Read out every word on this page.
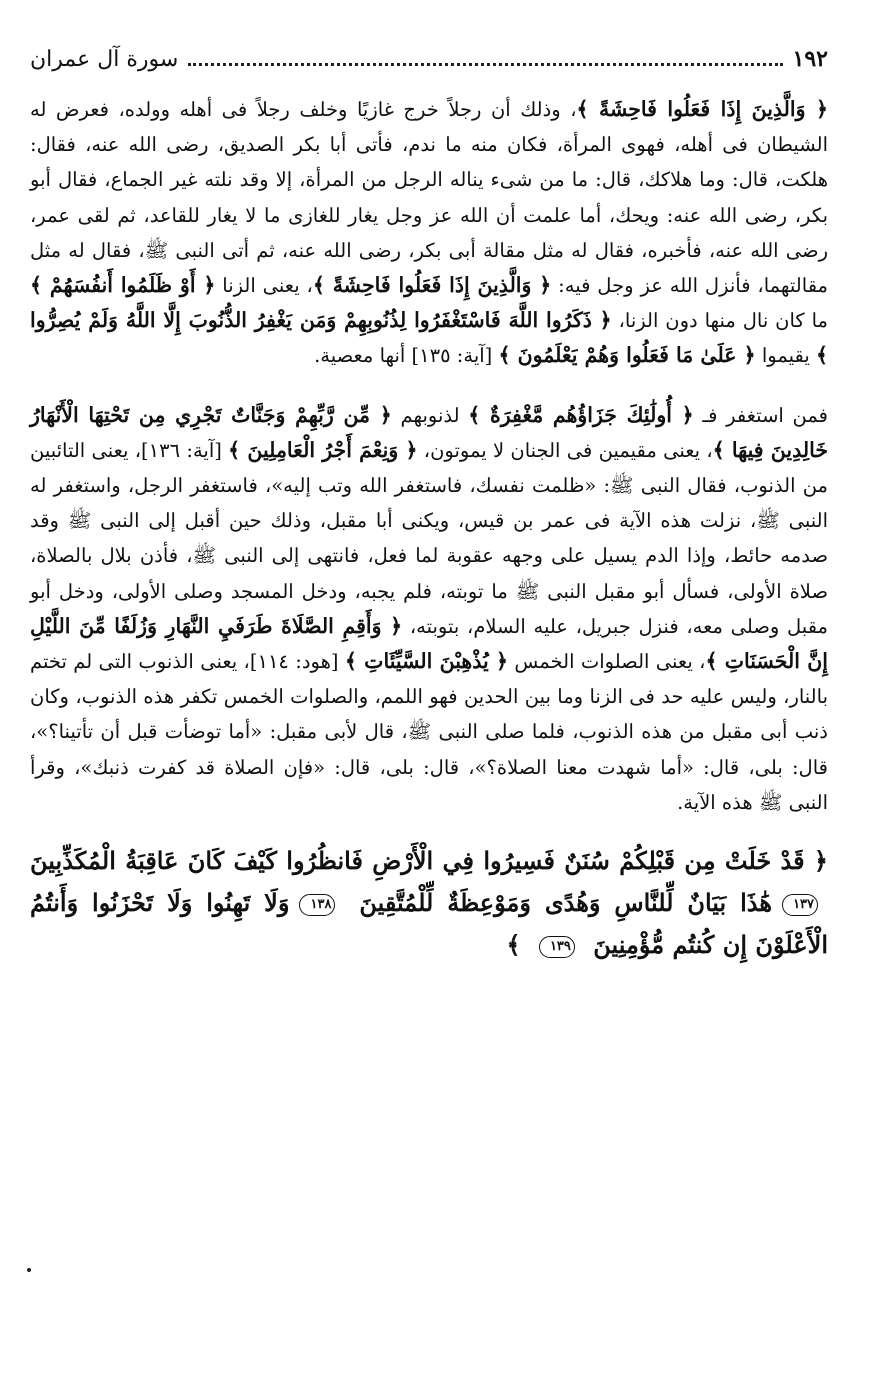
١٩٢
سورة آل عمران

﴿ وَالَّذِينَ إِذَا فَعَلُوا فَاحِشَةً ﴾، وذلك أن رجلاً خرج غازيًا وخلف رجلاً فى أهله وولده، فعرض له الشيطان فى أهله، فهوى المرأة، فكان منه ما ندم، فأتى أبا بكر الصديق، رضى الله عنه، فقال: هلكت، قال: وما هلاكك، قال: ما من شىء يناله الرجل من المرأة، إلا وقد نلته غير الجماع، فقال أبو بكر، رضى الله عنه: ويحك، أما علمت أن الله عز وجل يغار للغازى ما لا يغار للقاعد، ثم لقى عمر، رضى الله عنه، فأخبره، فقال له مثل مقالة أبى بكر، رضى الله عنه، ثم أتى النبى ﷺ، فقال له مثل مقالتهما، فأنزل الله عز وجل فيه: ﴿ وَالَّذِينَ إِذَا فَعَلُوا فَاحِشَةً ﴾، يعنى الزنا ﴿ أَوْ ظَلَمُوا أَنفُسَهُمْ ﴾ ما كان نال منها دون الزنا، ﴿ ذَكَرُوا اللَّهَ فَاسْتَغْفَرُوا لِذُنُوبِهِمْ وَمَن يَغْفِرُ الذُّنُوبَ إِلَّا اللَّهُ وَلَمْ يُصِرُّوا ﴾ يقيموا ﴿ عَلَىٰ مَا فَعَلُوا وَهُمْ يَعْلَمُونَ ﴾ [آية: ١٣٥] أنها معصية.

فمن استغفر فـ ﴿ أُولَٰئِكَ جَزَاؤُهُم مَّغْفِرَةٌ ﴾ لذنوبهم ﴿ مِّن رَّبِّهِمْ وَجَنَّاتٌ تَجْرِي مِن تَحْتِهَا الْأَنْهَارُ خَالِدِينَ فِيهَا ﴾، يعنى مقيمين فى الجنان لا يموتون، ﴿ وَنِعْمَ أَجْرُ الْعَامِلِينَ ﴾ [آية: ١٣٦]، يعنى التائبين من الذنوب، فقال النبى ﷺ: «ظلمت نفسك، فاستغفر الله وتب إليه»، فاستغفر الرجل، واستغفر له النبى ﷺ، نزلت هذه الآية فى عمر بن قيس، ويكنى أبا مقبل، وذلك حين أقبل إلى النبى ﷺ وقد صدمه حائط، وإذا الدم يسيل على وجهه عقوبة لما فعل، فانتهى إلى النبى ﷺ، فأذن بلال بالصلاة، صلاة الأولى، فسأل أبو مقبل النبى ﷺ ما توبته، فلم يجبه، ودخل المسجد وصلى الأولى، ودخل أبو مقبل وصلى معه، فنزل جبريل، عليه السلام، بتوبته، ﴿ وَأَقِمِ الصَّلَاةَ طَرَفَيِ النَّهَارِ وَزُلَفًا مِّنَ اللَّيْلِ إِنَّ الْحَسَنَاتِ ﴾، يعنى الصلوات الخمس ﴿ يُذْهِبْنَ السَّيِّئَاتِ ﴾ [هود: ١١٤]، يعنى الذنوب التى لم تختم بالنار، وليس عليه حد فى الزنا وما بين الحدين فهو اللمم، والصلوات الخمس تكفر هذه الذنوب، وكان ذنب أبى مقبل من هذه الذنوب، فلما صلى النبى ﷺ، قال لأبى مقبل: «أما توضأت قبل أن تأتينا؟»، قال: بلى، قال: «أما شهدت معنا الصلاة؟»، قال: بلى، قال: «فإن الصلاة قد كفرت ذنبك»، وقرأ النبى ﷺ هذه الآية.

﴿ قَدْ خَلَتْ مِن قَبْلِكُمْ سُنَنٌ فَسِيرُوا فِي الْأَرْضِ فَانظُرُوا كَيْفَ كَانَ عَاقِبَةُ الْمُكَذِّبِينَ ١٣٧هَٰذَا بَيَانٌ لِّلنَّاسِ وَهُدًى وَمَوْعِظَةٌ لِّلْمُتَّقِينَ ١٣٨وَلَا تَهِنُوا وَلَا تَحْزَنُوا وَأَنتُمُ الْأَعْلَوْنَ إِن كُنتُم مُّؤْمِنِينَ ١٣٩ ﴾
